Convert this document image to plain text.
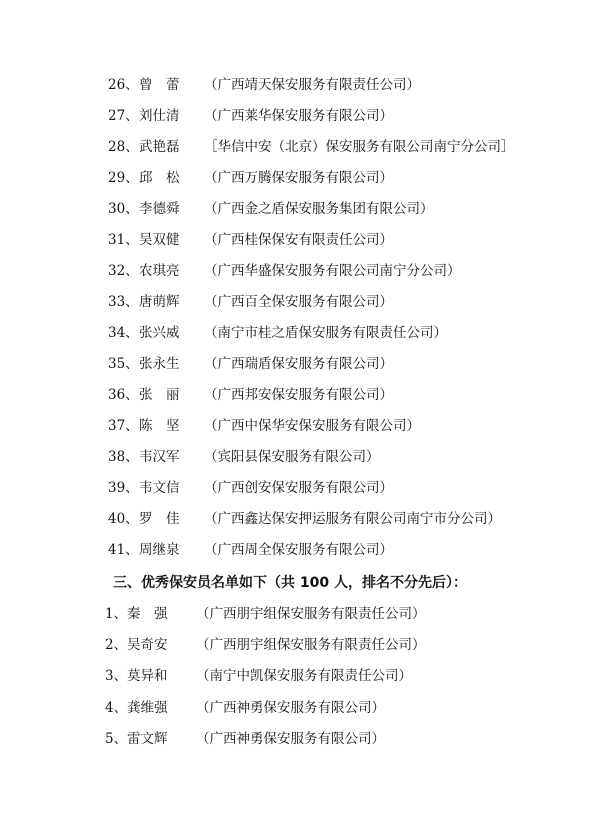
26、 曾　蕾 （广西靖天保安服务有限责任公司）
27、 刘仕清 （广西莱华保安服务有限公司）
28、 武艳磊 ［华信中安（北京）保安服务有限公司南宁分公司］
29、 邱　松 （广西万腾保安服务有限公司）
30、 李德舜 （广西金之盾保安服务集团有限公司）
31、 吴双健 （广西桂保保安有限责任公司）
32、 农琪亮 （广西华盛保安服务有限公司南宁分公司）
33、 唐萌辉 （广西百全保安服务有限公司）
34、 张兴威 （南宁市桂之盾保安服务有限责任公司）
35、 张永生 （广西瑞盾保安服务有限公司）
36、 张　丽 （广西邦安保安服务有限公司）
37、 陈　坚 （广西中保华安保安服务有限公司）
38、 韦汉军 （宾阳县保安服务有限公司）
39、 韦文信 （广西创安保安服务有限公司）
40、 罗　佳 （广西鑫达保安押运服务有限公司南宁市分公司）
41、 周继泉 （广西周全保安服务有限公司）
三、优秀保安员名单如下（共 100 人，排名不分先后）：
1、 秦　强 （广西朋宇组保安服务有限责任公司）
2、 吴奇安 （广西朋宇组保安服务有限责任公司）
3、 莫异和 （南宁中凯保安服务有限责任公司）
4、 龚维强 （广西神勇保安服务有限公司）
5、 雷文辉 （广西神勇保安服务有限公司）
